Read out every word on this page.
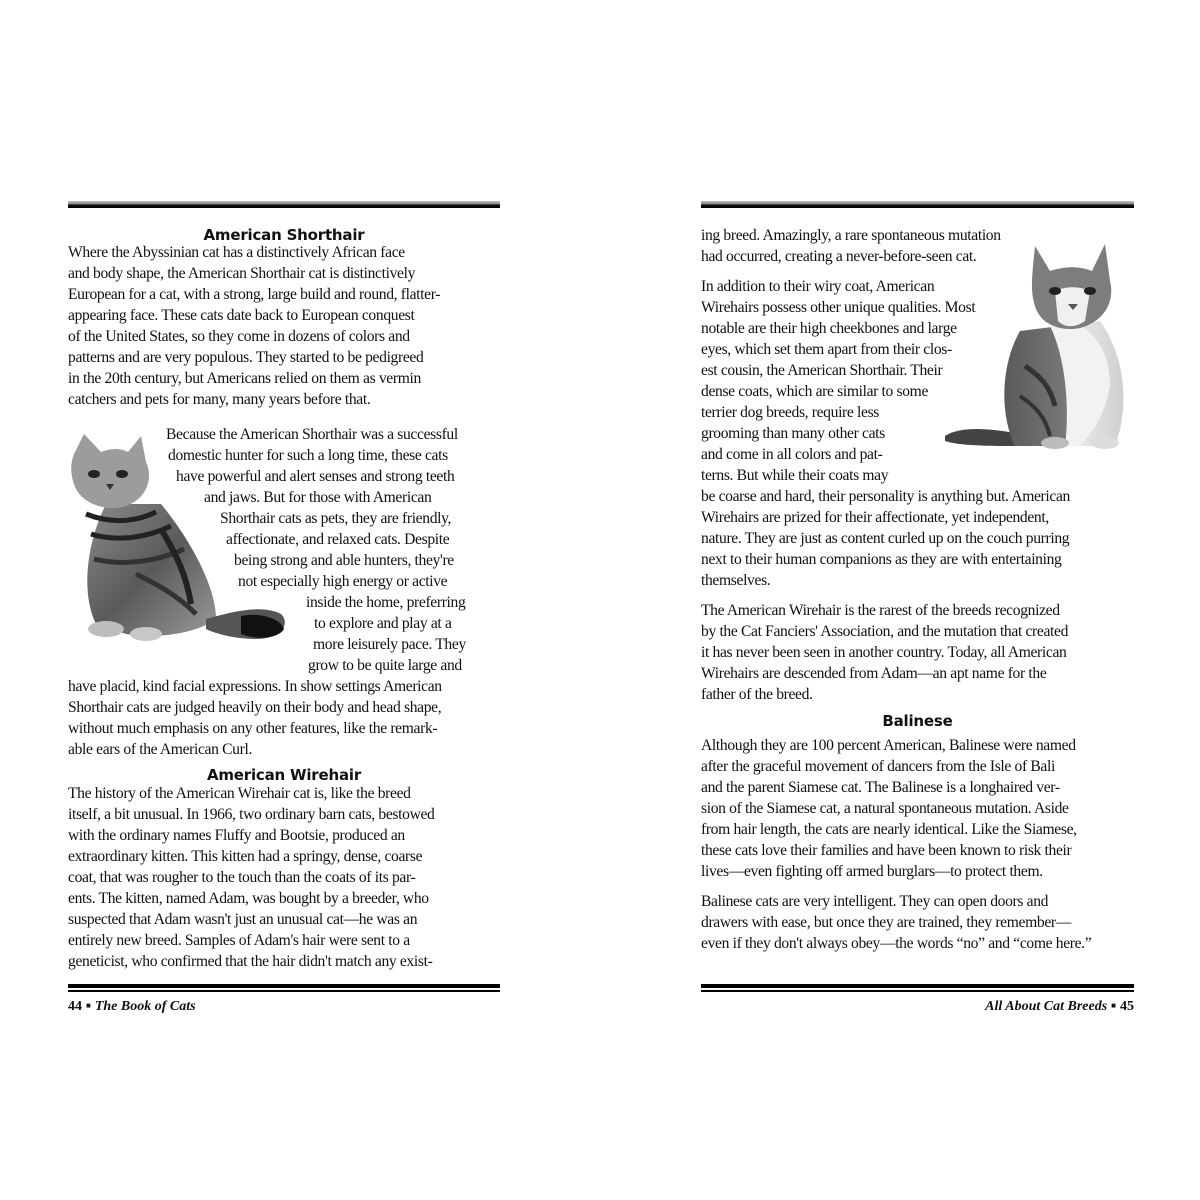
American Shorthair
Where the Abyssinian cat has a distinctively African face
and body shape, the American Shorthair cat is distinctively
European for a cat, with a strong, large build and round, flatter-
appearing face. These cats date back to European conquest
of the United States, so they come in dozens of colors and
patterns and are very populous. They started to be pedigreed
in the 20th century, but Americans relied on them as vermin
catchers and pets for many, many years before that.
Because the American Shorthair was a successful
domestic hunter for such a long time, these cats
have powerful and alert senses and strong teeth
and jaws. But for those with American
Shorthair cats as pets, they are friendly,
affectionate, and relaxed cats. Despite
being strong and able hunters, they're
not especially high energy or active
inside the home, preferring
to explore and play at a
more leisurely pace. They
grow to be quite large and
have placid, kind facial expressions. In show settings American
Shorthair cats are judged heavily on their body and head shape,
without much emphasis on any other features, like the remark-
able ears of the American Curl.
American Wirehair
The history of the American Wirehair cat is, like the breed
itself, a bit unusual. In 1966, two ordinary barn cats, bestowed
with the ordinary names Fluffy and Bootsie, produced an
extraordinary kitten. This kitten had a springy, dense, coarse
coat, that was rougher to the touch than the coats of its par-
ents. The kitten, named Adam, was bought by a breeder, who
suspected that Adam wasn't just an unusual cat—he was an
entirely new breed. Samples of Adam's hair were sent to a
geneticist, who confirmed that the hair didn't match any exist-
44 ■ The Book of Cats
ing breed. Amazingly, a rare spontaneous mutation
had occurred, creating a never-before-seen cat.
In addition to their wiry coat, American
Wirehairs possess other unique qualities. Most
notable are their high cheekbones and large
eyes, which set them apart from their clos-
est cousin, the American Shorthair. Their
dense coats, which are similar to some
terrier dog breeds, require less
grooming than many other cats
and come in all colors and pat-
terns. But while their coats may
be coarse and hard, their personality is anything but. American
Wirehairs are prized for their affectionate, yet independent,
nature. They are just as content curled up on the couch purring
next to their human companions as they are with entertaining
themselves.
The American Wirehair is the rarest of the breeds recognized
by the Cat Fanciers' Association, and the mutation that created
it has never been seen in another country. Today, all American
Wirehairs are descended from Adam—an apt name for the
father of the breed.
Balinese
Although they are 100 percent American, Balinese were named
after the graceful movement of dancers from the Isle of Bali
and the parent Siamese cat. The Balinese is a longhaired ver-
sion of the Siamese cat, a natural spontaneous mutation. Aside
from hair length, the cats are nearly identical. Like the Siamese,
these cats love their families and have been known to risk their
lives—even fighting off armed burglars—to protect them.
Balinese cats are very intelligent. They can open doors and
drawers with ease, but once they are trained, they remember—
even if they don't always obey—the words “no” and “come here.”
All About Cat Breeds ■ 45
